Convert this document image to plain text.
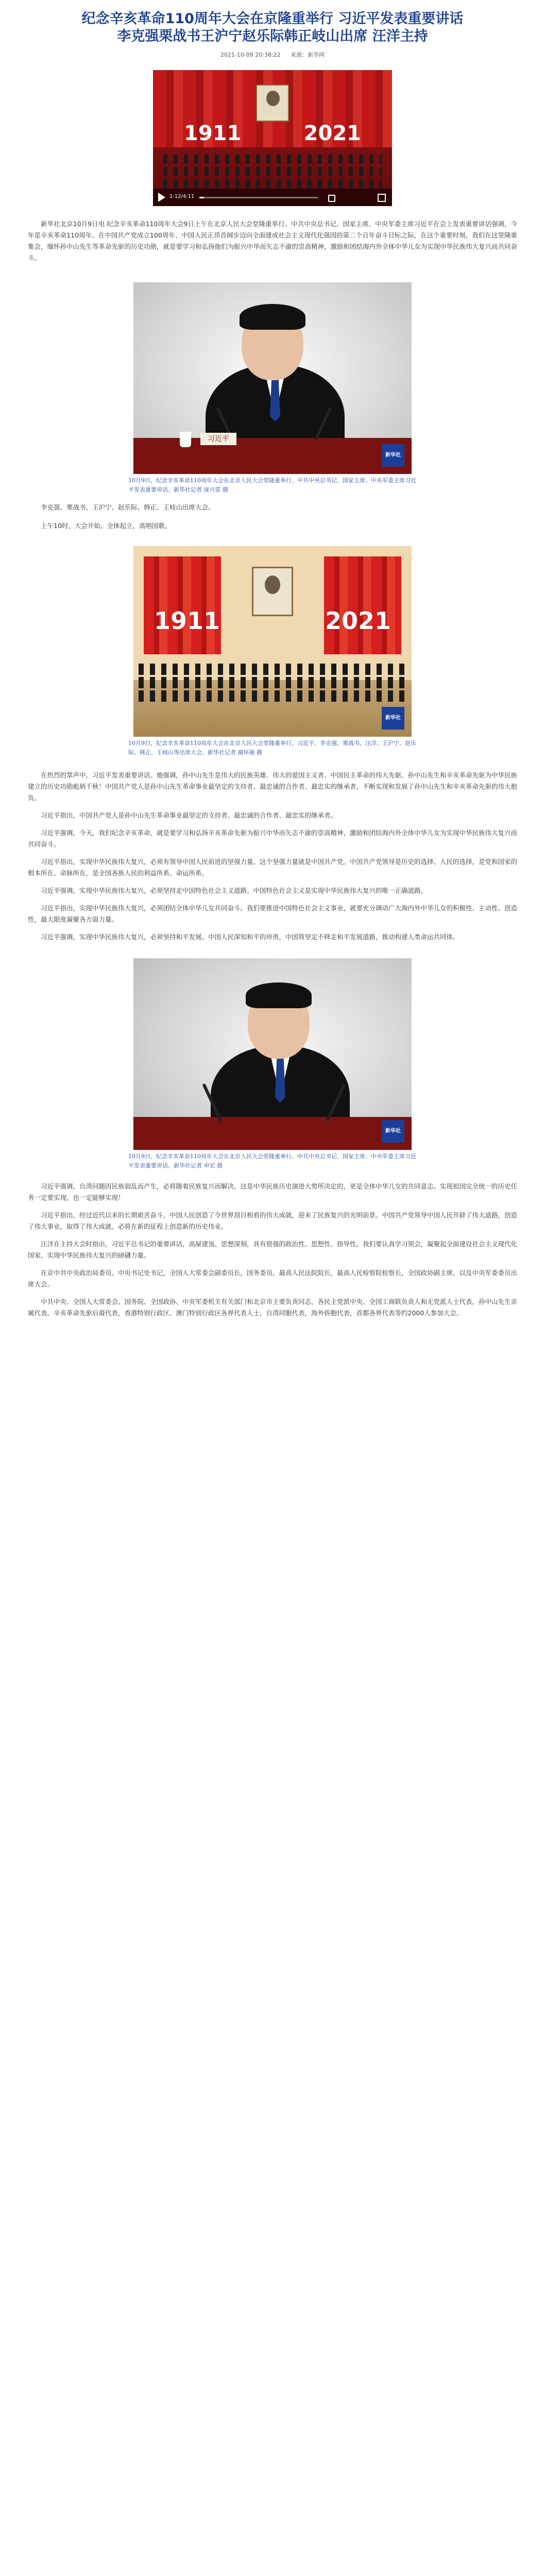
纪念辛亥革命110周年大会在京隆重举行 习近平发表重要讲话
李克强栗战书王沪宁赵乐际韩正岐山出席 汪洋主持
2021-10-09 20:38:22 来源：新华网
1911	2021
1:12/4:11

新华社北京10月9日电 纪念辛亥革命110周年大会9日上午在北京人民大会堂隆重举行。中共中央总书记、国家主席、中央军委主席习近平在会上发表重要讲话强调，今年是辛亥革命110周年。在中国共产党成立100周年、中国人民正昂首阔步迈向全面建成社会主义现代化强国的第二个百年奋斗目标之际，在这个重要时刻，我们在这里隆重集会，缅怀孙中山先生等革命先驱的历史功勋，就是要学习和弘扬他们为振兴中华而矢志不渝的崇高精神，激励和团结海内外全体中华儿女为实现中华民族伟大复兴而共同奋斗。

习近平
新华社
10月9日，纪念辛亥革命110周年大会在北京人民大会堂隆重举行。中共中央总书记、国家主席、中央军委主席习近平发表重要讲话。新华社记者 庞兴雷 摄

李克强、栗战书、王沪宁、赵乐际、韩正、王岐山出席大会。

上午10时，大会开始。全体起立，高唱国歌。

1911	2021
新华社
10月9日，纪念辛亥革命110周年大会在北京人民大会堂隆重举行。习近平、李克强、栗战书、汪洋、王沪宁、赵乐际、韩正、王岐山等出席大会。新华社记者 谢环驰 摄

在热烈的掌声中，习近平发表重要讲话。他强调，孙中山先生是伟大的民族英雄、伟大的爱国主义者、中国民主革命的伟大先驱。孙中山先生和辛亥革命先驱为中华民族建立的历史功勋彪炳千秋！中国共产党人是孙中山先生革命事业最坚定的支持者、最忠诚的合作者、最忠实的继承者，不断实现和发展了孙中山先生和辛亥革命先驱的伟大抱负。

习近平指出，中国共产党人是孙中山先生革命事业最坚定的支持者、最忠诚的合作者、最忠实的继承者。

习近平强调，今天，我们纪念辛亥革命，就是要学习和弘扬辛亥革命先驱为振兴中华而矢志不渝的崇高精神，激励和团结海内外全体中华儿女为实现中华民族伟大复兴而共同奋斗。

习近平指出，实现中华民族伟大复兴，必须有领导中国人民前进的坚强力量，这个坚强力量就是中国共产党。中国共产党领导是历史的选择、人民的选择，是党和国家的根本所在、命脉所在，是全国各族人民的利益所系、命运所系。

习近平强调，实现中华民族伟大复兴，必须坚持走中国特色社会主义道路。中国特色社会主义是实现中华民族伟大复兴的唯一正确道路。

习近平指出，实现中华民族伟大复兴，必须团结全体中华儿女共同奋斗。我们要推进中国特色社会主义事业，就要充分调动广大海内外中华儿女的积极性、主动性、创造性，最大限度凝聚各方面力量。

习近平强调，实现中华民族伟大复兴，必须坚持和平发展。中国人民深知和平的珍贵，中国将坚定不移走和平发展道路，推动构建人类命运共同体。

新华社
10月9日，纪念辛亥革命110周年大会在北京人民大会堂隆重举行。中共中央总书记、国家主席、中央军委主席习近平发表重要讲话。新华社记者 申宏 摄

习近平强调，台湾问题因民族弱乱而产生，必将随着民族复兴而解决。这是中华民族历史演进大势所决定的，更是全体中华儿女的共同意志。实现祖国完全统一的历史任务一定要实现，也一定能够实现！

习近平指出，经过近代以来的长期艰苦奋斗，中国人民创造了令世界刮目相看的伟大成就，迎来了民族复兴的光明前景。中国共产党领导中国人民开辟了伟大道路，创造了伟大事业，取得了伟大成就，必将在新的征程上创造新的历史伟业。

汪洋在主持大会时指出，习近平总书记的重要讲话，高屋建瓴、思想深刻，具有很强的政治性、思想性、指导性。我们要认真学习领会，凝聚起全面建设社会主义现代化国家、实现中华民族伟大复兴的磅礴力量。

在京中共中央政治局委员、中央书记处书记，全国人大常委会副委员长，国务委员，最高人民法院院长，最高人民检察院检察长，全国政协副主席，以及中央军委委员出席大会。

中共中央、全国人大常委会、国务院、全国政协、中央军委机关有关部门和北京市主要负责同志，各民主党派中央、全国工商联负责人和无党派人士代表，孙中山先生亲属代表，辛亥革命先驱后裔代表，香港特别行政区、澳门特别行政区各界代表人士，台湾同胞代表，海外侨胞代表，首都各界代表等约2000人参加大会。
